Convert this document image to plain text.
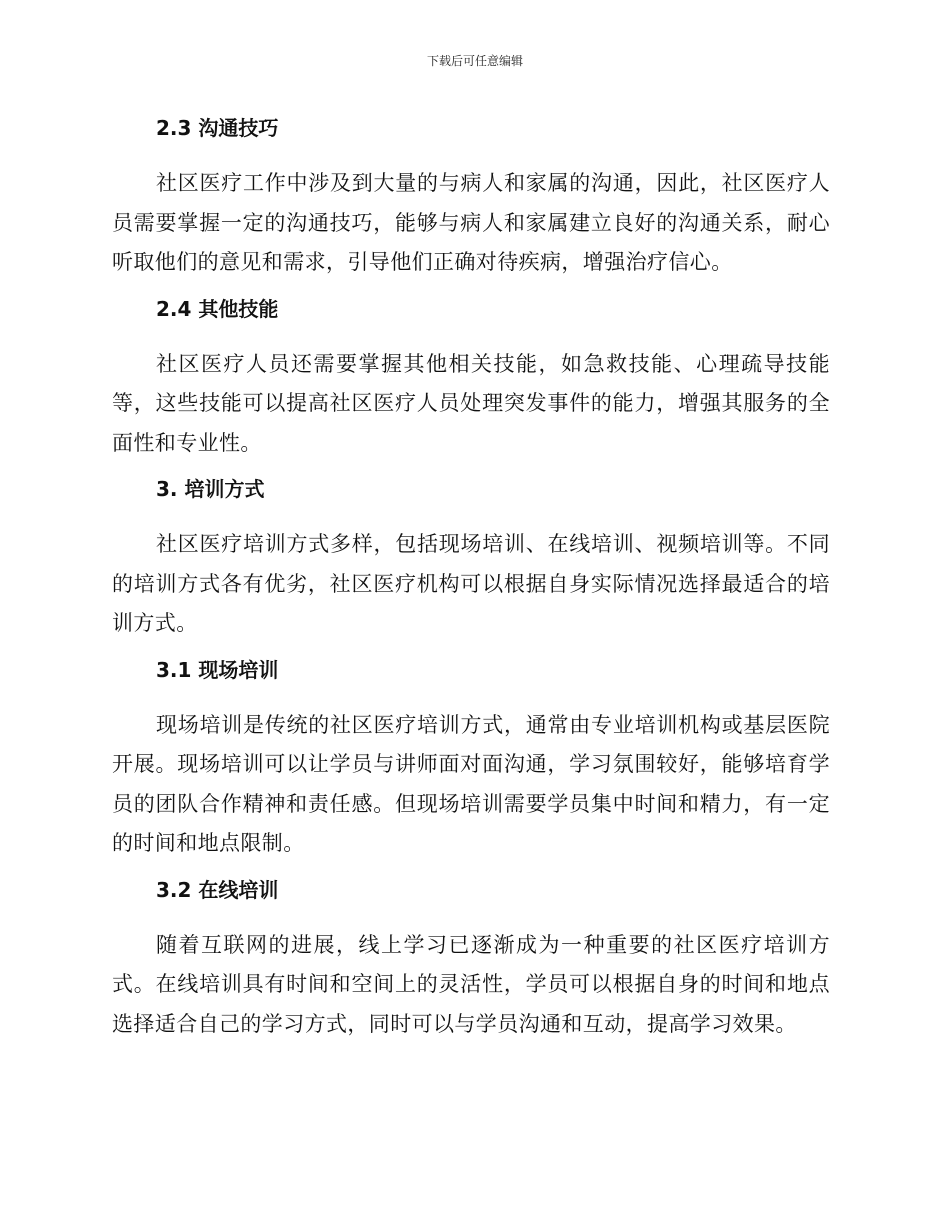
下载后可任意编辑
2.3 沟通技巧

社区医疗工作中涉及到大量的与病人和家属的沟通，因此，社区医疗人员需要掌握一定的沟通技巧，能够与病人和家属建立良好的沟通关系，耐心听取他们的意见和需求，引导他们正确对待疾病，增强治疗信心。

2.4 其他技能

社区医疗人员还需要掌握其他相关技能，如急救技能、心理疏导技能等，这些技能可以提高社区医疗人员处理突发事件的能力，增强其服务的全面性和专业性。

3. 培训方式

社区医疗培训方式多样，包括现场培训、在线培训、视频培训等。不同的培训方式各有优劣，社区医疗机构可以根据自身实际情况选择最适合的培训方式。

3.1 现场培训

现场培训是传统的社区医疗培训方式，通常由专业培训机构或基层医院开展。现场培训可以让学员与讲师面对面沟通，学习氛围较好，能够培育学员的团队合作精神和责任感。但现场培训需要学员集中时间和精力，有一定的时间和地点限制。

3.2 在线培训

随着互联网的进展，线上学习已逐渐成为一种重要的社区医疗培训方式。在线培训具有时间和空间上的灵活性，学员可以根据自身的时间和地点选择适合自己的学习方式，同时可以与学员沟通和互动，提高学习效果。
